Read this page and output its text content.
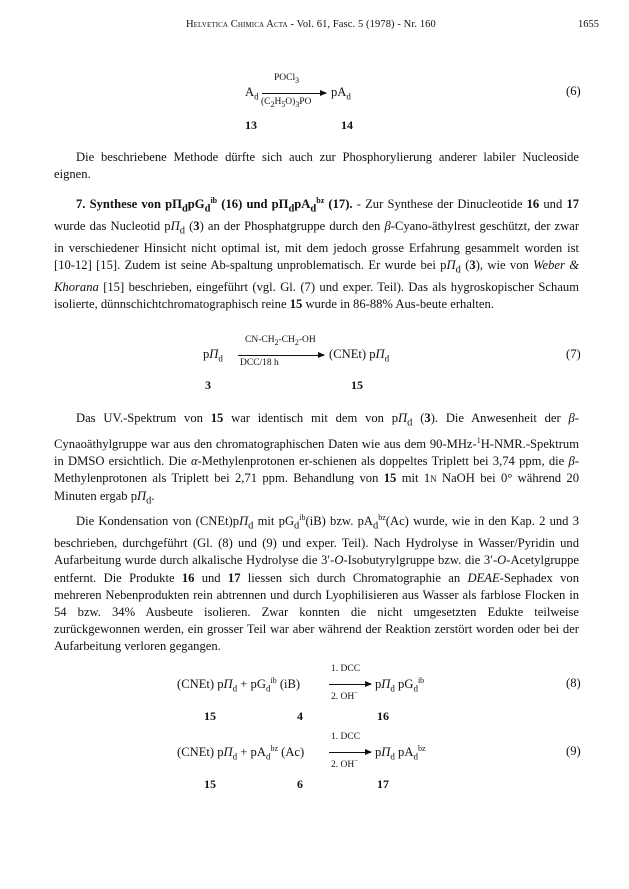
Helvetica Chimica Acta - Vol. 61, Fasc. 5 (1978) - Nr. 160	1655
POCl$_3$
$A_d \to pA_d$
$(C_2H_5O)_3PO$
(6)
13	14

Die beschriebene Methode dürfte sich auch zur Phosphorylierung anderer labiler Nucleoside eignen.

7. Synthese von $p\Pi_dpG_d^{ib}$ (16) und $p\Pi_dpA_d^{bz}$ (17). - Zur Synthese der Dinucleotide 16 und 17 wurde das Nucleotid $p\Pi_d$ (3) an der Phosphatgruppe durch den β-Cyano-äthylrest geschützt, der zwar in verschiedener Hinsicht nicht optimal ist, mit dem jedoch grosse Erfahrung gesammelt worden ist [10-12] [15]. Zudem ist seine Ab-spaltung unproblematisch. Er wurde bei $p\Pi_d$ (3), wie von Weber & Khorana [15] beschrieben, eingeführt (vgl. Gl. (7) und exper. Teil). Das als hygroskopischer Schaum isolierte, dünnschichtchromatographisch reine 15 wurde in 86-88% Aus-beute erhalten.

$CN-CH_2-CH_2-OH$
$p\Pi_d$	(CNEt) $p\Pi_d$
DCC/18 h
(7)
3	15

Das UV.-Spektrum von 15 war identisch mit dem von $p\Pi_d$ (3). Die Anwesenheit der β-Cynaoäthylgruppe war aus den chromatographischen Daten wie aus dem 90-MHz-$^1$H-NMR.-Spektrum in DMSO ersichtlich. Die α-Methylenprotonen er-schienen als doppeltes Triplett bei 3,74 ppm, die β-Methylenprotonen als Triplett bei 2,71 ppm. Behandlung von 15 mit 1n NaOH bei 0° während 20 Minuten ergab $p\Pi_d$.

Die Kondensation von $(CNEt)p\Pi_d$ mit $pG_d^{ib}(iB)$ bzw. $pA_d^{bz}(Ac)$ wurde, wie in den Kap. 2 und 3 beschrieben, durchgeführt (Gl. (8) und (9) und exper. Teil). Nach Hydrolyse in Wasser/Pyridin und Aufarbeitung wurde durch alkalische Hydrolyse die 3′-O-Isobutyrylgruppe bzw. die 3′-O-Acetylgruppe entfernt. Die Produkte 16 und 17 liessen sich durch Chromatographie an DEAE-Sephadex von mehreren Nebenprodukten rein abtrennen und durch Lyophilisieren aus Wasser als farblose Flocken in 54 bzw. 34% Ausbeute isolieren. Zwar konnten die nicht umgesetzten Edukte teilweise zurückgewonnen werden, ein grosser Teil war aber während der Reaktion zerstört worden oder bei der Aufarbeitung verloren gegangen.

1. DCC
(CNEt) $p\Pi_d + pG_d^{ib}$ $(iB) \to p\Pi_d$ $pG_d^{ib}$
2. OH−
(8)
15	4	16
1. DCC
(CNEt) $p\Pi_d + pA_d^{bz}$ $(Ac) \to p\Pi_d$ $pA_d^{bz}$
2. OH−
(9)
15	6	17
